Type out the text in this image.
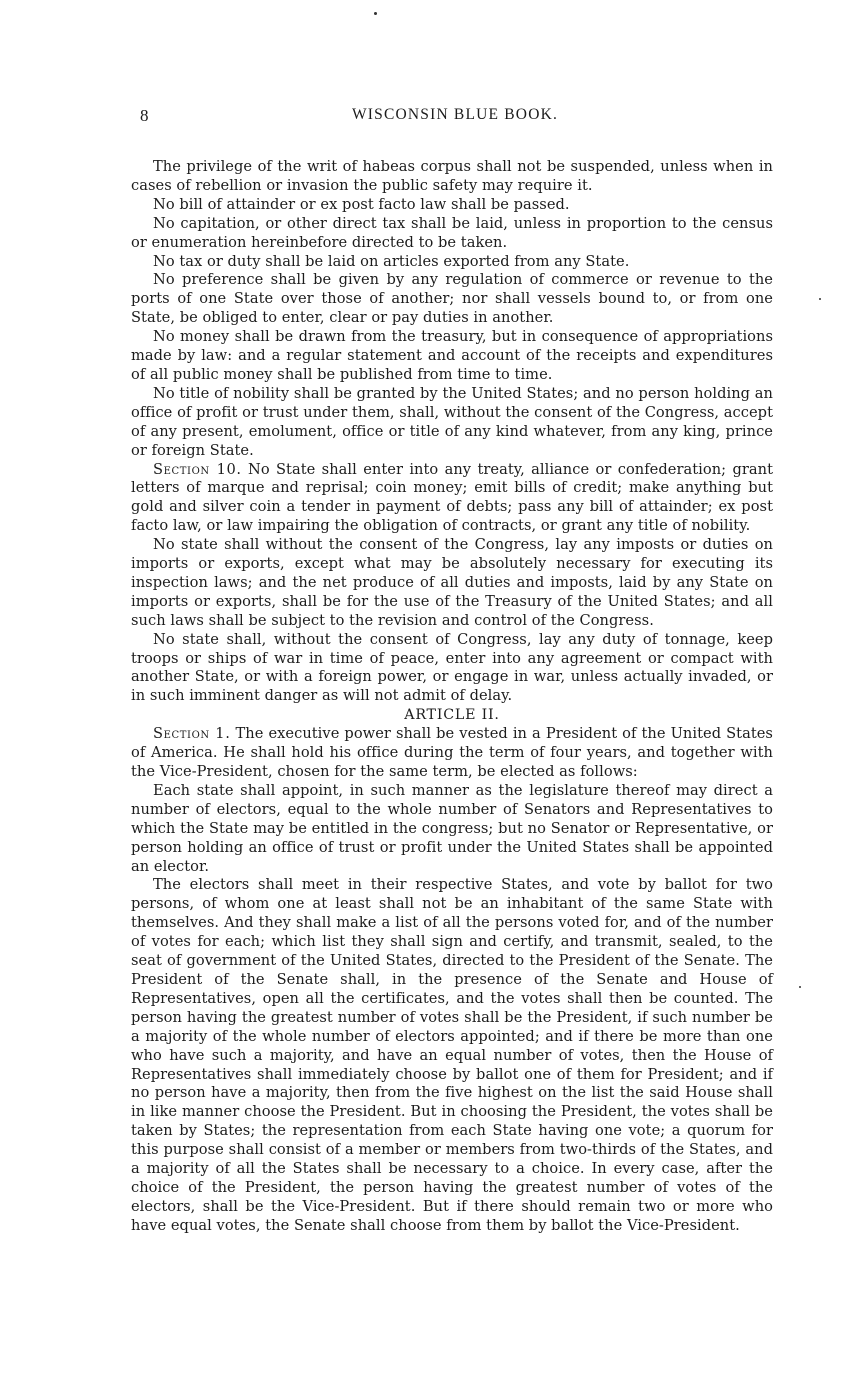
8	WISCONSIN BLUE BOOK.

The privilege of the writ of habeas corpus shall not be suspended, unless when in cases of rebellion or invasion the public safety may require it.

No bill of attainder or ex post facto law shall be passed.

No capitation, or other direct tax shall be laid, unless in proportion to the census or enumeration hereinbefore directed to be taken.

No tax or duty shall be laid on articles exported from any State.

No preference shall be given by any regulation of commerce or revenue to the ports of one State over those of another; nor shall vessels bound to, or from one State, be obliged to enter, clear or pay duties in another.

No money shall be drawn from the treasury, but in consequence of appropriations made by law: and a regular statement and account of the receipts and expenditures of all public money shall be published from time to time.

No title of nobility shall be granted by the United States; and no person holding an office of profit or trust under them, shall, without the consent of the Congress, accept of any present, emolument, office or title of any kind whatever, from any king, prince or foreign State.

Section 10. No State shall enter into any treaty, alliance or confederation; grant letters of marque and reprisal; coin money; emit bills of credit; make anything but gold and silver coin a tender in payment of debts; pass any bill of attainder; ex post facto law, or law impairing the obligation of contracts, or grant any title of nobility.

No state shall without the consent of the Congress, lay any imposts or duties on imports or exports, except what may be absolutely necessary for executing its inspection laws; and the net produce of all duties and imposts, laid by any State on imports or exports, shall be for the use of the Treasury of the United States; and all such laws shall be subject to the revision and control of the Congress.

No state shall, without the consent of Congress, lay any duty of tonnage, keep troops or ships of war in time of peace, enter into any agreement or compact with another State, or with a foreign power, or engage in war, unless actually invaded, or in such imminent danger as will not admit of delay.

ARTICLE II.

Section 1. The executive power shall be vested in a President of the United States of America. He shall hold his office during the term of four years, and together with the Vice-President, chosen for the same term, be elected as follows:

Each state shall appoint, in such manner as the legislature thereof may direct a number of electors, equal to the whole number of Senators and Representatives to which the State may be entitled in the congress; but no Senator or Representative, or person holding an office of trust or profit under the United States shall be appointed an elector.

The electors shall meet in their respective States, and vote by ballot for two persons, of whom one at least shall not be an inhabitant of the same State with themselves. And they shall make a list of all the persons voted for, and of the number of votes for each; which list they shall sign and certify, and transmit, sealed, to the seat of government of the United States, directed to the President of the Senate. The President of the Senate shall, in the presence of the Senate and House of Representatives, open all the certificates, and the votes shall then be counted. The person having the greatest number of votes shall be the President, if such number be a majority of the whole number of electors appointed; and if there be more than one who have such a majority, and have an equal number of votes, then the House of Representatives shall immediately choose by ballot one of them for President; and if no person have a majority, then from the five highest on the list the said House shall in like manner choose the President. But in choosing the President, the votes shall be taken by States; the representation from each State having one vote; a quorum for this purpose shall consist of a member or members from two-thirds of the States, and a majority of all the States shall be necessary to a choice. In every case, after the choice of the President, the person having the greatest number of votes of the electors, shall be the Vice-President. But if there should remain two or more who have equal votes, the Senate shall choose from them by ballot the Vice-President.
